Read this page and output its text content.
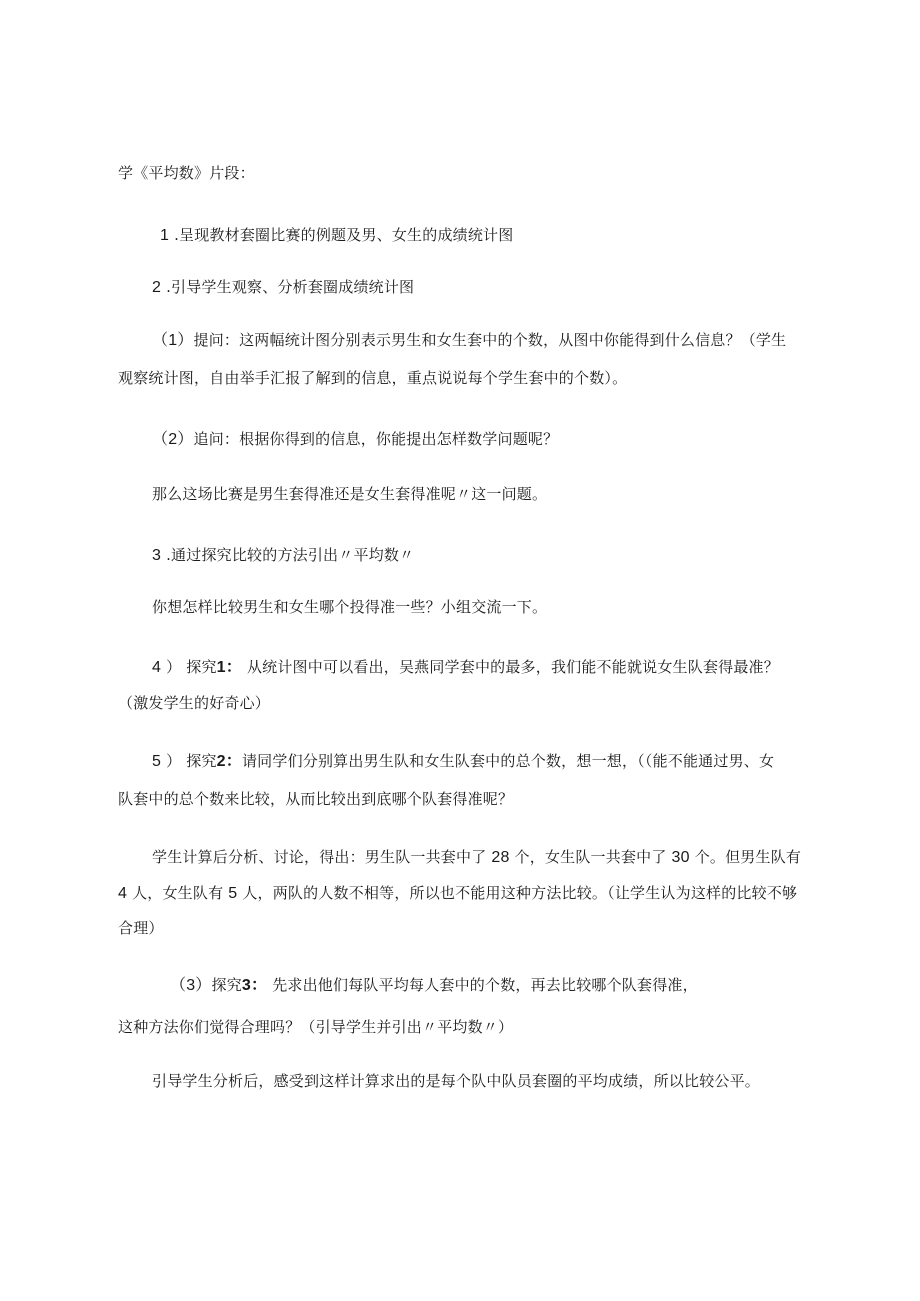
学《平均数》片段：
1 .呈现教材套圈比赛的例题及男、女生的成绩统计图
2 .引导学生观察、分析套圈成绩统计图
（1）提问：这两幅统计图分别表示男生和女生套中的个数，从图中你能得到什么信息？（学生
观察统计图，自由举手汇报了解到的信息，重点说说每个学生套中的个数）。
（2）追问：根据你得到的信息，你能提出怎样数学问题呢？
那么这场比赛是男生套得准还是女生套得准呢〃这一问题。
3 .通过探究比较的方法引出〃平均数〃
你想怎样比较男生和女生哪个投得准一些？小组交流一下。
4 ） 探究1： 从统计图中可以看出，吴燕同学套中的最多，我们能不能就说女生队套得最准？
（激发学生的好奇心）
5 ） 探究2：请同学们分别算出男生队和女生队套中的总个数，想一想，（（能不能通过男、女
队套中的总个数来比较，从而比较出到底哪个队套得准呢？
学生计算后分析、讨论，得出：男生队一共套中了 28 个，女生队一共套中了 30 个。但男生队有
4 人，女生队有 5 人，两队的人数不相等，所以也不能用这种方法比较。（让学生认为这样的比较不够
合理）
（3）探究3： 先求出他们每队平均每人套中的个数，再去比较哪个队套得准，
这种方法你们觉得合理吗？（引导学生并引出〃平均数〃）
引导学生分析后，感受到这样计算求出的是每个队中队员套圈的平均成绩，所以比较公平。
